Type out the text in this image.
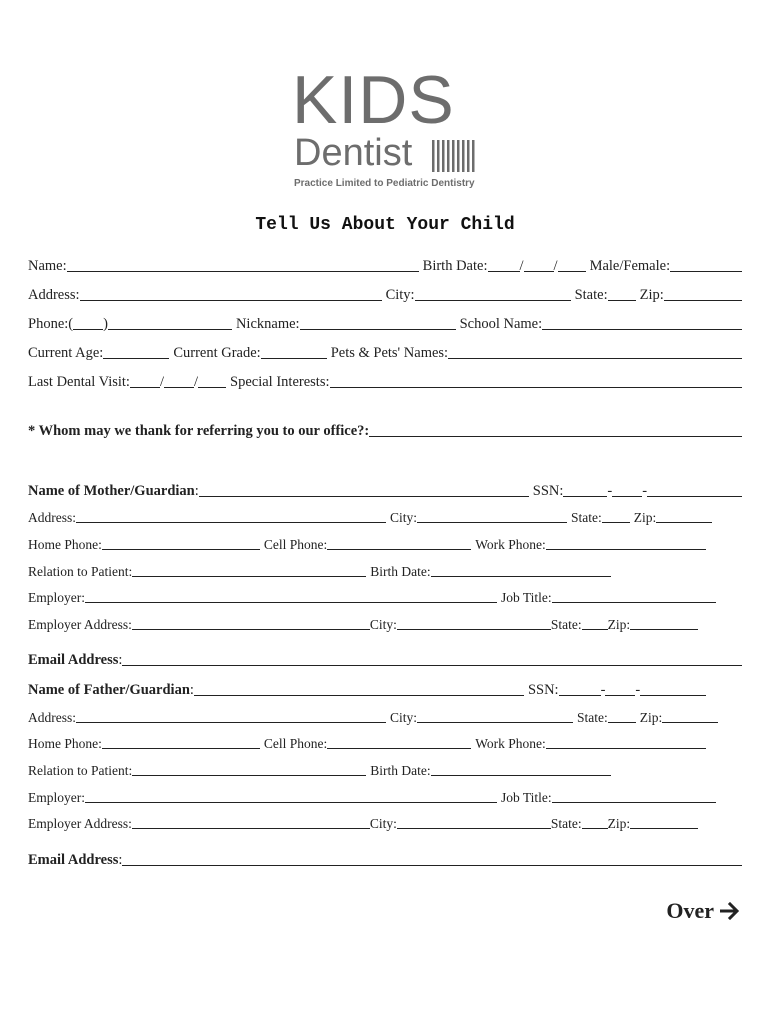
KIDS
Dentist
Practice Limited to Pediatric Dentistry
Tell Us About Your Child
Name:	Birth Date: / / Male/Female:
Address:	City:	State: Zip:
Phone:( )	Nickname:	School Name:
Current Age:	Current Grade:	Pets & Pets' Names:
Last Dental Visit: / / Special Interests:
* Whom may we thank for referring you to our office?:
Name of Mother/Guardian :	SSN:	- -
Address:	City:	State: Zip:
Home Phone:	Cell Phone:	Work Phone:
Relation to Patient:	Birth Date:
Employer:	Job Title:
Employer Address:	City:	State: Zip:
Email Address :
Name of Father/Guardian :	SSN:	- -
Address:	City:	State: Zip:
Home Phone:	Cell Phone:	Work Phone:
Relation to Patient:	Birth Date:
Employer:	Job Title:
Employer Address:	City:	State: Zip:
Email Address :
Over
